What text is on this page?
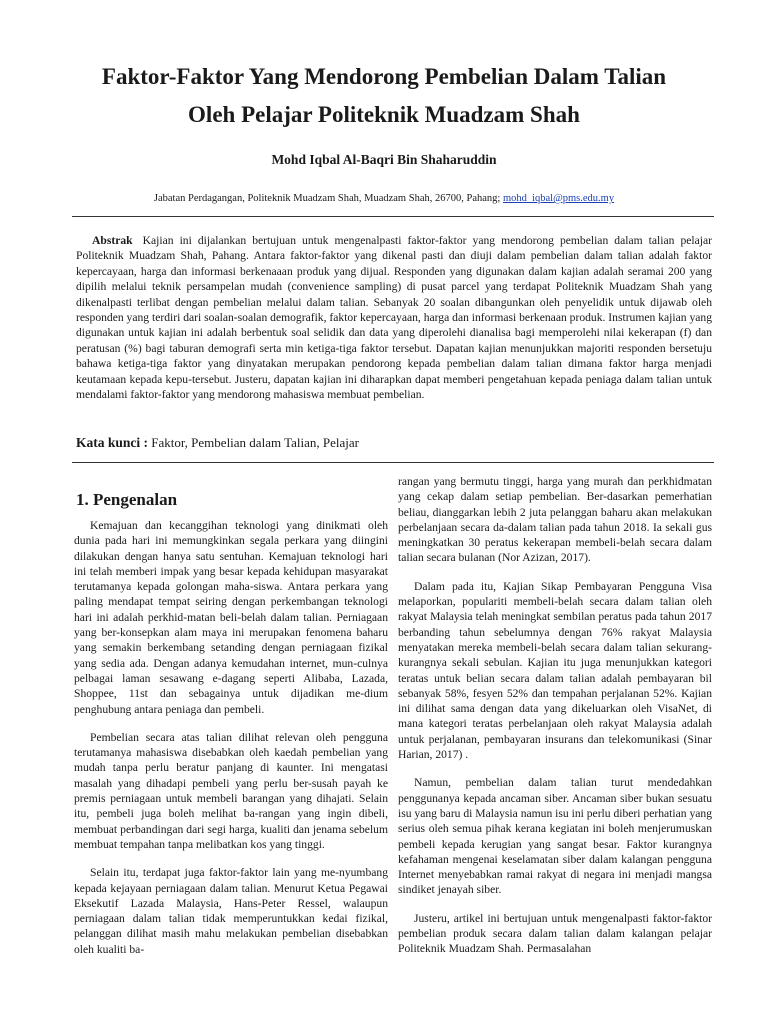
Faktor-Faktor Yang Mendorong Pembelian Dalam Talian
Oleh Pelajar Politeknik Muadzam Shah
Mohd Iqbal Al-Baqri Bin Shaharuddin
Jabatan Perdagangan, Politeknik Muadzam Shah, Muadzam Shah, 26700, Pahang; mohd_iqbal@pms.edu.my

Abstrak Kajian ini dijalankan bertujuan untuk mengenalpasti faktor-faktor yang mendorong pembelian dalam talian pelajar Politeknik Muadzam Shah, Pahang. Antara faktor-faktor yang dikenal pasti dan diuji dalam pembelian dalam talian adalah faktor kepercayaan, harga dan informasi berkenaaan produk yang dijual. Responden yang digunakan dalam kajian adalah seramai 200 yang dipilih melalui teknik persampelan mudah (convenience sampling) di pusat parcel yang terdapat Politeknik Muadzam Shah yang dikenalpasti terlibat dengan pembelian melalui dalam talian. Sebanyak 20 soalan dibangunkan oleh penyelidik untuk dijawab oleh responden yang terdiri dari soalan-soalan demografik, faktor kepercayaan, harga dan informasi berkenaan produk. Instrumen kajian yang digunakan untuk kajian ini adalah berbentuk soal selidik dan data yang diperolehi dianalisa bagi memperolehi nilai kekerapan (f) dan peratusan (%) bagi taburan demografi serta min ketiga-tiga faktor tersebut. Dapatan kajian menunjukkan majoriti responden bersetuju bahawa ketiga-tiga faktor yang dinyatakan merupakan pendorong kepada pembelian dalam talian dimana faktor harga menjadi keutamaan kepada kepu-tersebut. Justeru, dapatan kajian ini diharapkan dapat memberi pengetahuan kepada peniaga dalam talian untuk mendalami faktor-faktor yang mendorong mahasiswa membuat pembelian.

Kata kunci : Faktor, Pembelian dalam Talian, Pelajar
1. Pengenalan

Kemajuan dan kecanggihan teknologi yang dinikmati oleh dunia pada hari ini memungkinkan segala perkara yang diingini dilakukan dengan hanya satu sentuhan. Kemajuan teknologi hari ini telah memberi impak yang besar kepada kehidupan masyarakat terutamanya kepada golongan maha-siswa. Antara perkara yang paling mendapat tempat seiring dengan perkembangan teknologi hari ini adalah perkhid-matan beli-belah dalam talian. Perniagaan yang ber-konsepkan alam maya ini merupakan fenomena baharu yang semakin berkembang setanding dengan perniagaan fizikal yang sedia ada. Dengan adanya kemudahan internet, mun-culnya pelbagai laman sesawang e-dagang seperti Alibaba, Lazada, Shoppee, 11st dan sebagainya untuk dijadikan me-dium penghubung antara peniaga dan pembeli.

Pembelian secara atas talian dilihat relevan oleh pengguna terutamanya mahasiswa disebabkan oleh kaedah pembelian yang mudah tanpa perlu beratur panjang di kaunter. Ini mengatasi masalah yang dihadapi pembeli yang perlu ber-susah payah ke premis perniagaan untuk membeli barangan yang dihajati. Selain itu, pembeli juga boleh melihat ba-rangan yang ingin dibeli, membuat perbandingan dari segi harga, kualiti dan jenama sebelum membuat tempahan tanpa melibatkan kos yang tinggi.

Selain itu, terdapat juga faktor-faktor lain yang me-nyumbang kepada kejayaan perniagaan dalam talian. Menurut Ketua Pegawai Eksekutif Lazada Malaysia, Hans-Peter Ressel, walaupun perniagaan dalam talian tidak memperuntukkan kedai fizikal, pelanggan dilihat masih mahu melakukan pembelian disebabkan oleh kualiti ba-

rangan yang bermutu tinggi, harga yang murah dan perkhidmatan yang cekap dalam setiap pembelian. Ber-dasarkan pemerhatian beliau, dianggarkan lebih 2 juta pelanggan baharu akan melakukan perbelanjaan secara da-dalam talian pada tahun 2018. Ia sekali gus meningkatkan 30 peratus kekerapan membeli-belah secara dalam talian secara bulanan (Nor Azizan, 2017).

Dalam pada itu, Kajian Sikap Pembayaran Pengguna Visa melaporkan, populariti membeli-belah secara dalam talian oleh rakyat Malaysia telah meningkat sembilan peratus pada tahun 2017 berbanding tahun sebelumnya dengan 76% rakyat Malaysia menyatakan mereka membeli-belah secara dalam talian sekurang-kurangnya sekali sebulan. Kajian itu juga menunjukkan kategori teratas untuk belian secara dalam talian adalah pembayaran bil sebanyak 58%, fesyen 52% dan tempahan perjalanan 52%. Kajian ini dilihat sama dengan data yang dikeluarkan oleh VisaNet, di mana kategori teratas perbelanjaan oleh rakyat Malaysia adalah untuk perjalanan, pembayaran insurans dan telekomunikasi (Sinar Harian, 2017) .

Namun, pembelian dalam talian turut mendedahkan penggunanya kepada ancaman siber. Ancaman siber bukan sesuatu isu yang baru di Malaysia namun isu ini perlu diberi perhatian yang serius oleh semua pihak kerana kegiatan ini boleh menjerumuskan pembeli kepada kerugian yang sangat besar. Faktor kurangnya kefahaman mengenai keselamatan siber dalam kalangan pengguna Internet menyebabkan ramai rakyat di negara ini menjadi mangsa sindiket jenayah siber.

Justeru, artikel ini bertujuan untuk mengenalpasti faktor-faktor pembelian produk secara dalam talian dalam kalangan pelajar Politeknik Muadzam Shah. Permasalahan
